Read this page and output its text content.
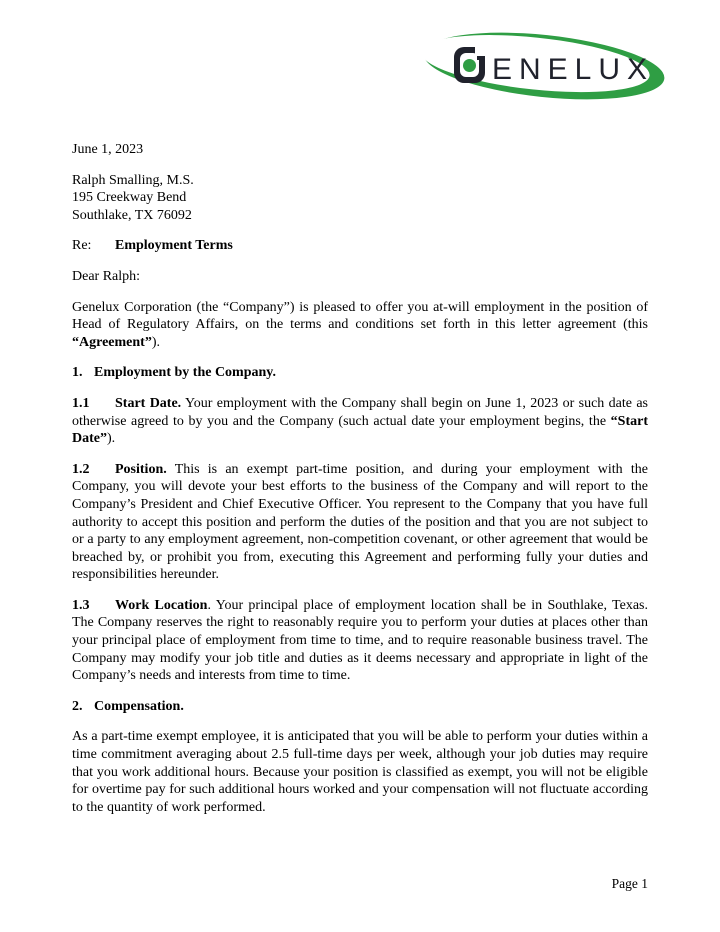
ENELUX

June 1, 2023

Ralph Smalling, M.S.
195 Creekway Bend
Southlake, TX 76092

Re: Employment Terms

Dear Ralph:

Genelux Corporation (the “Company”) is pleased to offer you at-will employment in the position of Head of Regulatory Affairs, on the terms and conditions set forth in this letter agreement (this “Agreement”).

1. Employment by the Company.

1.1 Start Date. Your employment with the Company shall begin on June 1, 2023 or such date as otherwise agreed to by you and the Company (such actual date your employment begins, the “Start Date”).

1.2 Position. This is an exempt part-time position, and during your employment with the Company, you will devote your best efforts to the business of the Company and will report to the Company’s President and Chief Executive Officer. You represent to the Company that you have full authority to accept this position and perform the duties of the position and that you are not subject to or a party to any employment agreement, non-competition covenant, or other agreement that would be breached by, or prohibit you from, executing this Agreement and performing fully your duties and responsibilities hereunder.

1.3 Work Location. Your principal place of employment location shall be in Southlake, Texas. The Company reserves the right to reasonably require you to perform your duties at places other than your principal place of employment from time to time, and to require reasonable business travel. The Company may modify your job title and duties as it deems necessary and appropriate in light of the Company’s needs and interests from time to time.

2. Compensation.

As a part-time exempt employee, it is anticipated that you will be able to perform your duties within a time commitment averaging about 2.5 full-time days per week, although your job duties may require that you work additional hours. Because your position is classified as exempt, you will not be eligible for overtime pay for such additional hours worked and your compensation will not fluctuate according to the quantity of work performed.

Page 1
